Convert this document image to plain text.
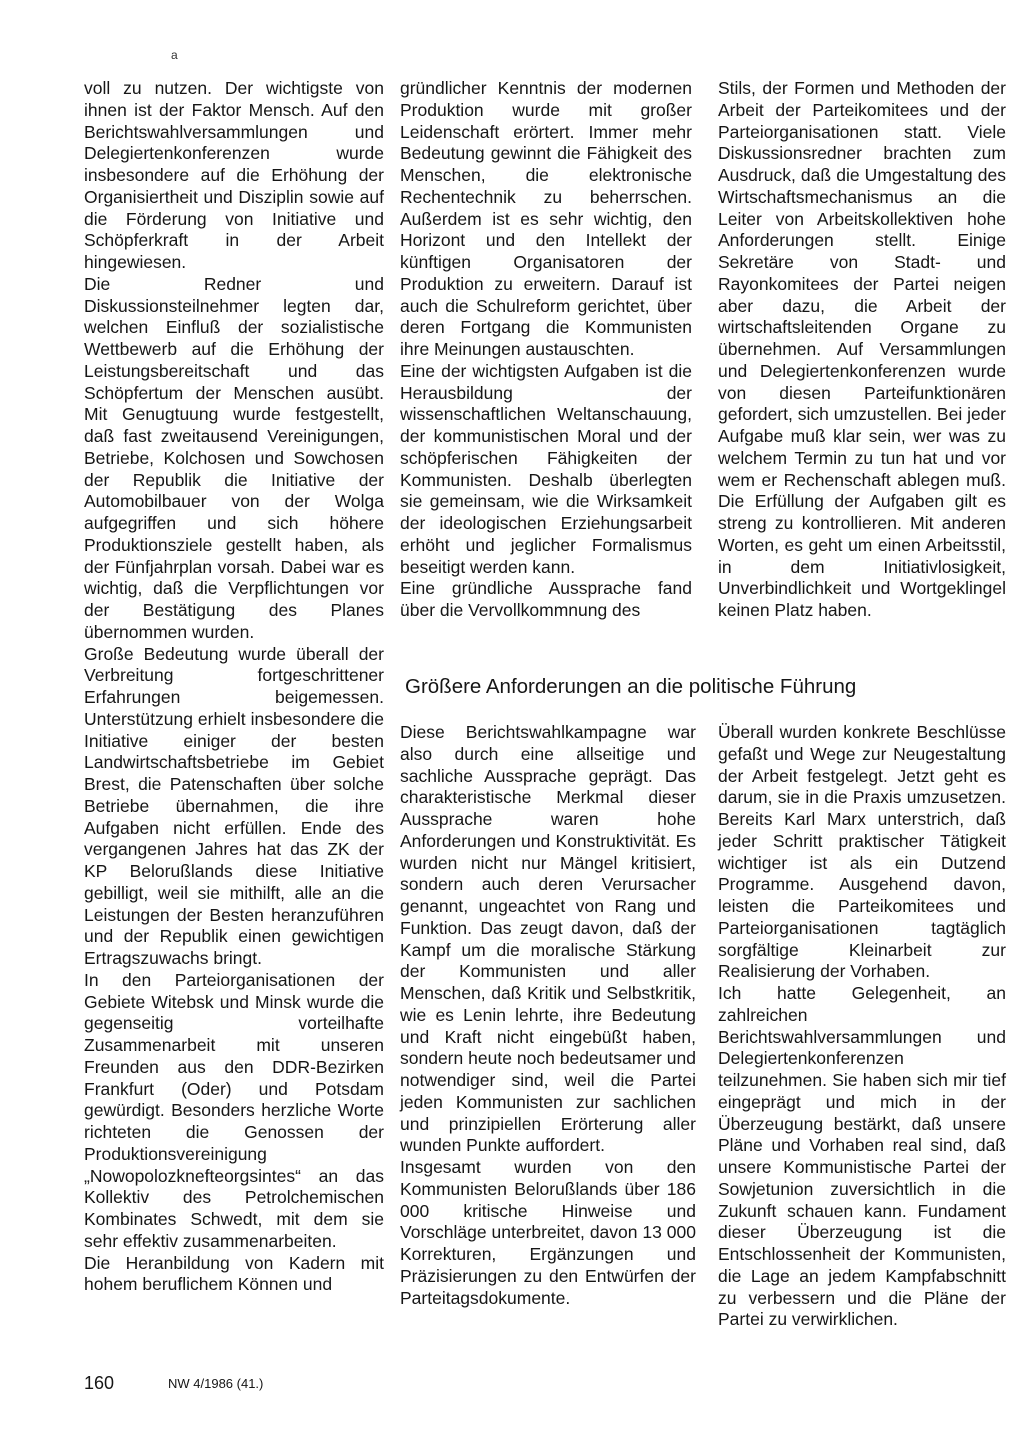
a

voll zu nutzen. Der wichtigste von ihnen ist der Faktor Mensch. Auf den Berichtswahlversammlungen und Delegiertenkonferenzen wurde insbesondere auf die Erhöhung der Organisiertheit und Disziplin sowie auf die Förderung von Initiative und Schöpferkraft in der Arbeit hingewiesen.

Die Redner und Diskussionsteilnehmer legten dar, welchen Einfluß der sozialistische Wettbewerb auf die Erhöhung der Leistungsbereitschaft und das Schöpfertum der Menschen ausübt. Mit Genugtuung wurde festgestellt, daß fast zweitausend Vereinigungen, Betriebe, Kolchosen und Sowchosen der Republik die Initiative der Automobilbauer von der Wolga aufgegriffen und sich höhere Produktionsziele gestellt haben, als der Fünfjahrplan vorsah. Dabei war es wichtig, daß die Verpflichtungen vor der Bestätigung des Planes übernommen wurden.

Große Bedeutung wurde überall der Verbreitung fortgeschrittener Erfahrungen beigemessen. Unterstützung erhielt insbesondere die Initiative einiger der besten Landwirtschaftsbetriebe im Gebiet Brest, die Patenschaften über solche Betriebe übernahmen, die ihre Aufgaben nicht erfüllen. Ende des vergangenen Jahres hat das ZK der KP Belorußlands diese Initiative gebilligt, weil sie mithilft, alle an die Leistungen der Besten heranzuführen und der Republik einen gewichtigen Ertragszuwachs bringt.

In den Parteiorganisationen der Gebiete Witebsk und Minsk wurde die gegenseitig vorteilhafte Zusammenarbeit mit unseren Freunden aus den DDR-Bezirken Frankfurt (Oder) und Potsdam gewürdigt. Besonders herzliche Worte richteten die Genossen der Produktionsvereinigung „Nowopolozknefteorgsintes“ an das Kollektiv des Petrolchemischen Kombinates Schwedt, mit dem sie sehr effektiv zusammenarbeiten.

Die Heranbildung von Kadern mit hohem beruflichem Können und

gründlicher Kenntnis der modernen Produktion wurde mit großer Leidenschaft erörtert. Immer mehr Bedeutung gewinnt die Fähigkeit des Menschen, die elektronische Rechentechnik zu beherrschen. Außerdem ist es sehr wichtig, den Horizont und den Intellekt der künftigen Organisatoren der Produktion zu erweitern. Darauf ist auch die Schulreform gerichtet, über deren Fortgang die Kommunisten ihre Meinungen austauschten.

Eine der wichtigsten Aufgaben ist die Herausbildung der wissenschaftlichen Weltanschauung, der kommunistischen Moral und der schöpferischen Fähigkeiten der Kommunisten. Deshalb überlegten sie gemeinsam, wie die Wirksamkeit der ideologischen Erziehungsarbeit erhöht und jeglicher Formalismus beseitigt werden kann.

Eine gründliche Aussprache fand über die Vervollkommnung des

Stils, der Formen und Methoden der Arbeit der Parteikomitees und der Parteiorganisationen statt. Viele Diskussionsredner brachten zum Ausdruck, daß die Umgestaltung des Wirtschaftsmechanismus an die Leiter von Arbeitskollektiven hohe Anforderungen stellt. Einige Sekretäre von Stadt- und Rayonkomitees der Partei neigen aber dazu, die Arbeit der wirtschaftsleitenden Organe zu übernehmen. Auf Versammlungen und Delegiertenkonferenzen wurde von diesen Parteifunktionären gefordert, sich umzustellen. Bei jeder Aufgabe muß klar sein, wer was zu welchem Termin zu tun hat und vor wem er Rechenschaft ablegen muß. Die Erfüllung der Aufgaben gilt es streng zu kontrollieren. Mit anderen Worten, es geht um einen Arbeitsstil, in dem Initiativlosigkeit, Unverbindlichkeit und Wortgeklingel keinen Platz haben.

Größere Anforderungen an die politische Führung

Diese Berichtswahlkampagne war also durch eine allseitige und sachliche Aussprache geprägt. Das charakteristische Merkmal dieser Aussprache waren hohe Anforderungen und Konstruktivität. Es wurden nicht nur Mängel kritisiert, sondern auch deren Verursacher genannt, ungeachtet von Rang und Funktion. Das zeugt davon, daß der Kampf um die moralische Stärkung der Kommunisten und aller Menschen, daß Kritik und Selbstkritik, wie es Lenin lehrte, ihre Bedeutung und Kraft nicht eingebüßt haben, sondern heute noch bedeutsamer und notwendiger sind, weil die Partei jeden Kommunisten zur sachlichen und prinzipiellen Erörterung aller wunden Punkte auffordert.

Insgesamt wurden von den Kommunisten Belorußlands über 186 000 kritische Hinweise und Vorschläge unterbreitet, davon 13 000 Korrekturen, Ergänzungen und Präzisierungen zu den Entwürfen der Parteitagsdokumente.

Überall wurden konkrete Beschlüsse gefaßt und Wege zur Neugestaltung der Arbeit festgelegt. Jetzt geht es darum, sie in die Praxis umzusetzen. Bereits Karl Marx unterstrich, daß jeder Schritt praktischer Tätigkeit wichtiger ist als ein Dutzend Programme. Ausgehend davon, leisten die Parteikomitees und Parteiorganisationen tagtäglich sorgfältige Kleinarbeit zur Realisierung der Vorhaben.

Ich hatte Gelegenheit, an zahlreichen Berichtswahlversammlungen und Delegiertenkonferenzen teilzunehmen. Sie haben sich mir tief eingeprägt und mich in der Überzeugung bestärkt, daß unsere Pläne und Vorhaben real sind, daß unsere Kommunistische Partei der Sowjetunion zuversichtlich in die Zukunft schauen kann. Fundament dieser Überzeugung ist die Entschlossenheit der Kommunisten, die Lage an jedem Kampfabschnitt zu verbessern und die Pläne der Partei zu verwirklichen.

160	NW 4/1986 (41.)
